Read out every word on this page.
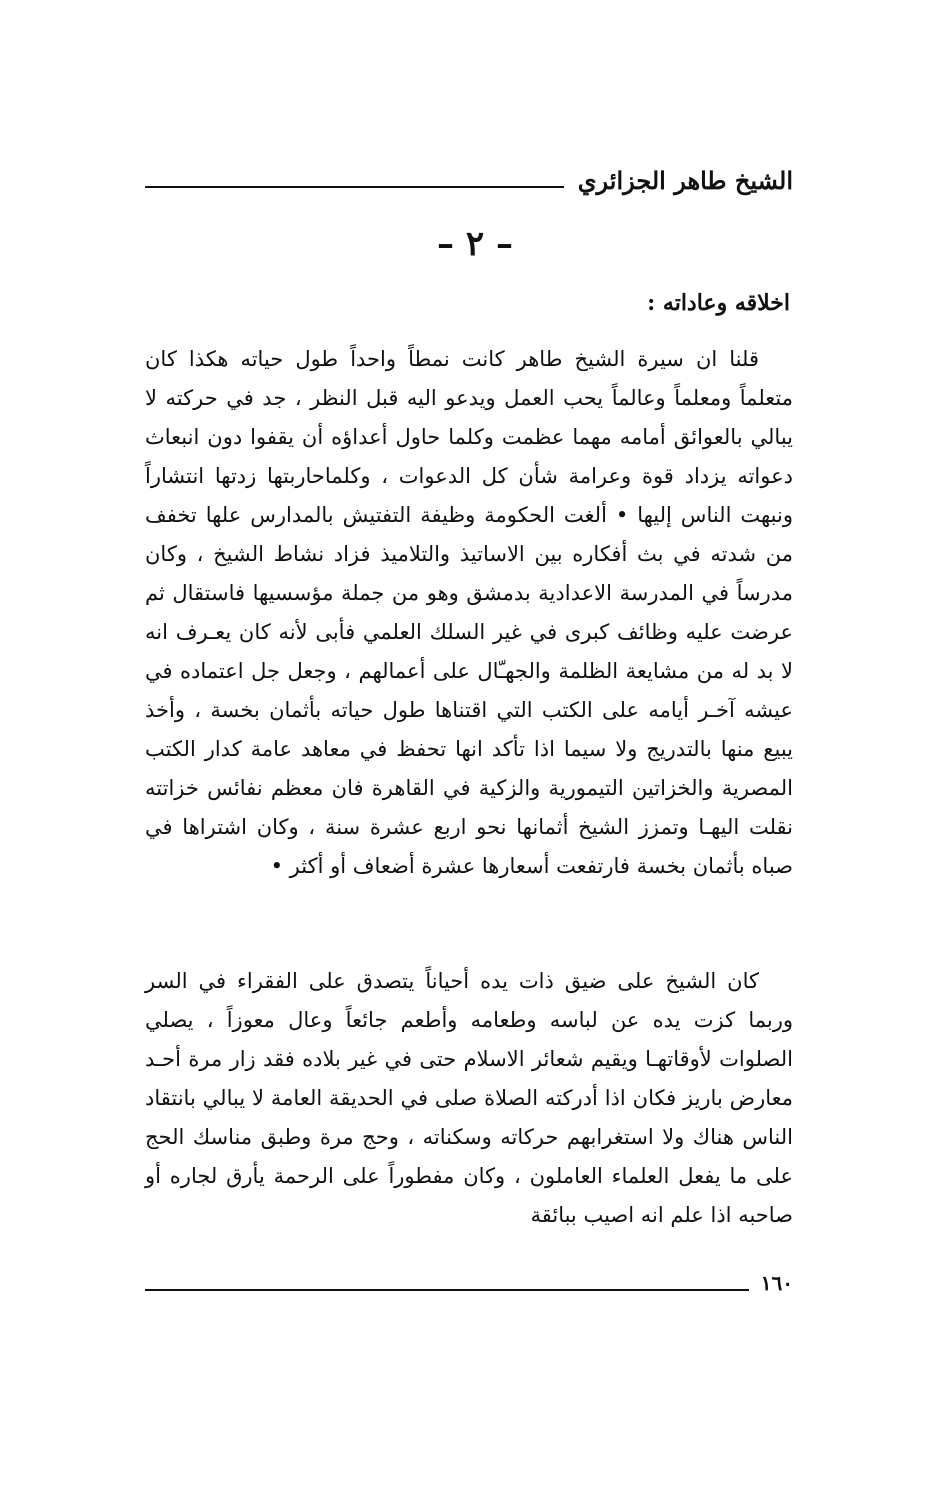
الشيخ طاهر الجزائري
– ٢ –
اخلاقه وعاداته :

قلنا ان سيرة الشيخ طاهر كانت نمطاً واحداً طول حياته هكذا كان متعلماً ومعلماً وعالماً يحب العمل ويدعو اليه قبل النظر ، جد في حركته لا يبالي بالعوائق أمامه مهما عظمت وكلما حاول أعداؤه أن يقفوا دون انبعاث دعواته يزداد قوة وعرامة شأن كل الدعوات ، وكلماحاربتها زدتها انتشاراً ونبهت الناس إليها • ألغت الحكومة وظيفة التفتيش بالمدارس علها تخفف من شدته في بث أفكاره بين الاساتيذ والتلاميذ فزاد نشاط الشيخ ، وكان مدرساً في المدرسة الاعدادية بدمشق وهو من جملة مؤسسيها فاستقال ثم عرضت عليه وظائف كبرى في غير السلك العلمي فأبى لأنه كان يعـرف انه لا بد له من مشايعة الظلمة والجهـّال على أعمالهم ، وجعل جل اعتماده في عيشه آخـر أيامه على الكتب التي اقتناها طول حياته بأثمان بخسة ، وأخذ يبيع منها بالتدريج ولا سيما اذا تأكد انها تحفظ في معاهد عامة كدار الكتب المصرية والخزاتين التيمورية والزكية في القاهرة فان معظم نفائس خزاتته نقلت اليهـا وتمزز الشيخ أثمانها نحو اربع عشرة سنة ، وكان اشتراها في صباه بأثمان بخسة فارتفعت أسعارها عشرة أضعاف أو أكثر •

كان الشيخ على ضيق ذات يده أحياناً يتصدق على الفقراء في السر وربما كزت يده عن لباسه وطعامه وأطعم جائعاً وعال معوزاً ، يصلي الصلوات لأوقاتهـا ويقيم شعائر الاسلام حتى في غير بلاده فقد زار مرة أحـد معارض باريز فكان اذا أدركته الصلاة صلى في الحديقة العامة لا يبالي بانتقاد الناس هناك ولا استغرابهم حركاته وسكناته ، وحج مرة وطبق مناسك الحج على ما يفعل العلماء العاملون ، وكان مفطوراً على الرحمة يأرق لجاره أو صاحبه اذا علم انه اصيب ببائقة

١٦٠
